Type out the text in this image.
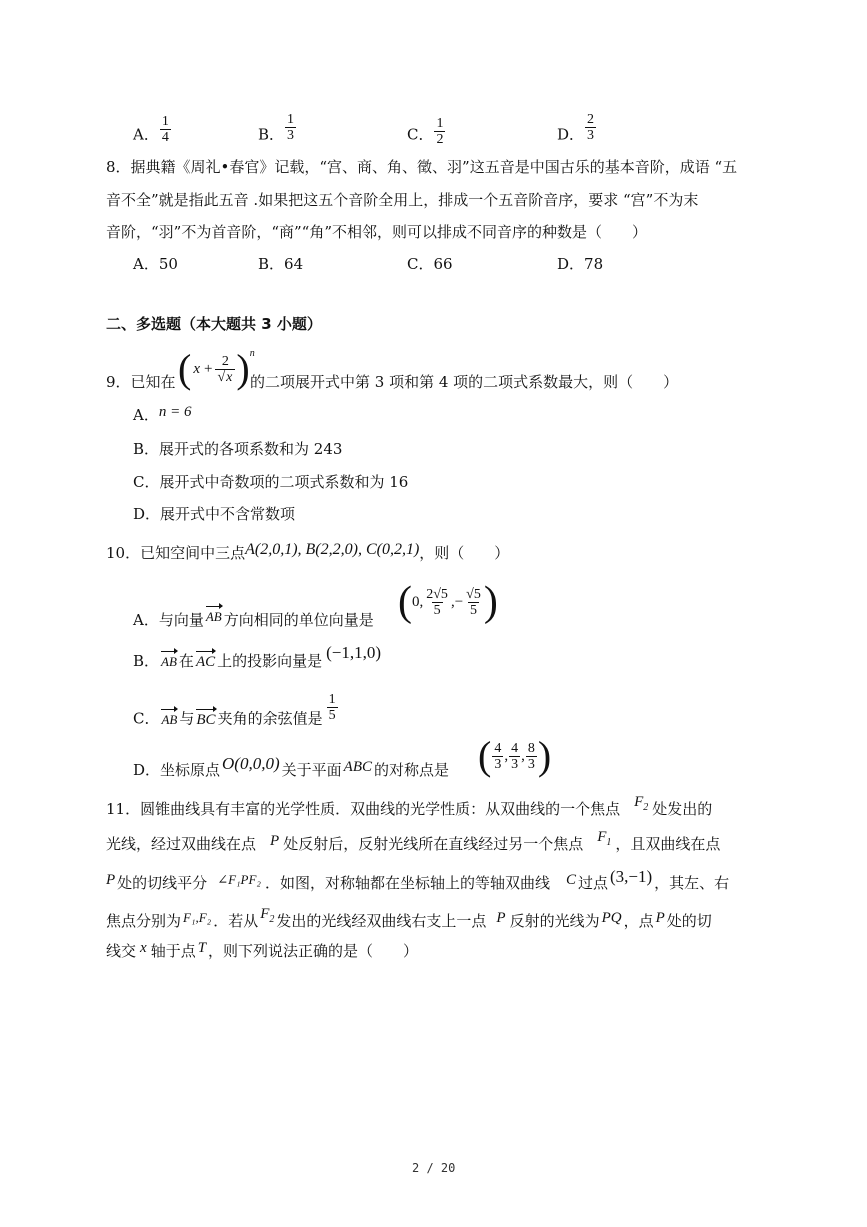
A． $\frac{1}{4}$	B． $\frac{1}{3}$	C． $\frac{1}{2}$	D． $\frac{2}{3}$
8．据典籍《周礼•春官》记载，“宫、商、角、徵、羽”这五音是中国古乐的基本音阶，成语 “五
音不全”就是指此五音 .如果把这五个音阶全用上，排成一个五音阶音序，要求 “宫”不为末
音阶，“羽”不为首音阶，“商”“角”不相邻，则可以排成不同音序的种数是（　　）
A．50	B．64	C．66	D．78
二、多选题（本大题共 3 小题）
9．已知在 ( $x + \frac{2}{√x}$ ) n
的二项展开式中第 3 项和第 4 项的二项式系数最大，则（　　）
A．n = 6
B．展开式的各项系数和为 243
C．展开式中奇数项的二项式系数和为 16
D．展开式中不含常数项
10．已知空间中三点A(2,0,1), B(2,2,0), C(0,2,1)，则（　　）
A．与向量 AB 方向相同的单位向量是 ( 0, $\frac{2√5}{5}$ ,− $\frac{√5}{5}$ )
B． AB 在 AC 上的投影向量是 (−1,1,0)
C． AB 与 BC 夹角的余弦值是 $\frac{1}{5}$
D．坐标原点 O(0,0,0) 关于平面 ABC 的对称点是 ( $\frac{4}{3}$ , $\frac{4}{3}$ , $\frac{8}{3}$ )
11．圆锥曲线具有丰富的光学性质．双曲线的光学性质：从双曲线的一个焦点 $F_2$ 处发出的
光线，经过双曲线在点 P 处反射后，反射光线所在直线经过另一个焦点 $F_1$ ，且双曲线在点
P 处的切线平分 ∠F₁PF₂ ．如图，对称轴都在坐标轴上的等轴双曲线 C 过点 (3,−1) ，其左、右
焦点分别为 F₁,F₂ ．若从 $F_2$ 发出的光线经双曲线右支上一点 P 反射的光线为 PQ ，点 P 处的切
线交 x 轴于点 T ，则下列说法正确的是（　　）
2 / 20
